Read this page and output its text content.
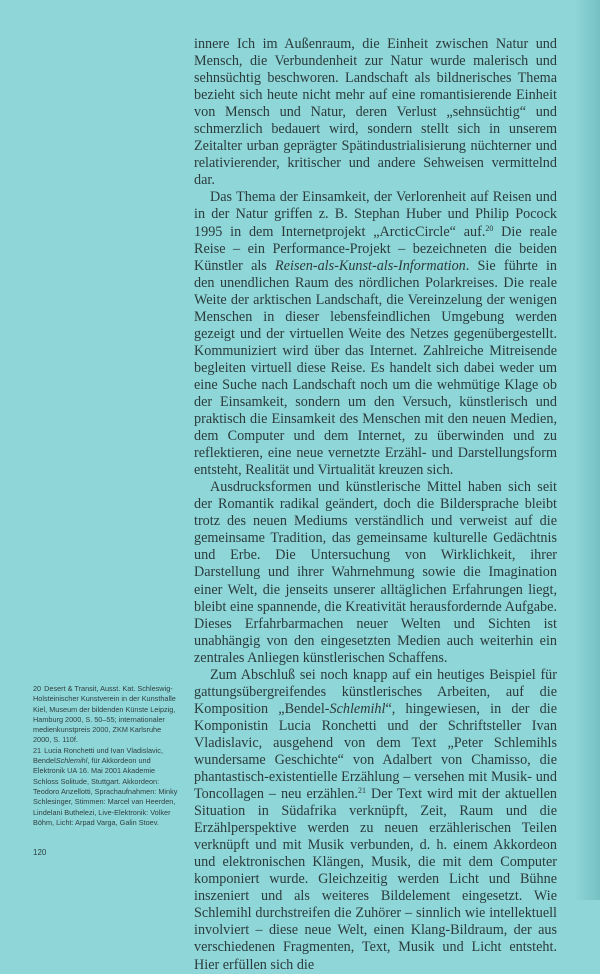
innere Ich im Außenraum, die Einheit zwischen Natur und Mensch, die Verbundenheit zur Natur wurde malerisch und sehnsüchtig beschworen. Landschaft als bildnerisches Thema bezieht sich heute nicht mehr auf eine romantisierende Einheit von Mensch und Natur, deren Verlust „sehnsüchtig“ und schmerzlich bedauert wird, sondern stellt sich in unserem Zeitalter urban geprägter Spätindustrialisierung nüchterner und relativierender, kritischer und andere Sehweisen vermittelnd dar.

Das Thema der Einsamkeit, der Verlorenheit auf Reisen und in der Natur griffen z. B. Stephan Huber und Philip Pocock 1995 in dem Internetprojekt „ArcticCircle“ auf.$^{20}$ Die reale Reise – ein Performance-Projekt – bezeichneten die beiden Künstler als Reisen-als-Kunst-als-Information. Sie führte in den unendlichen Raum des nördlichen Polarkreises. Die reale Weite der arktischen Landschaft, die Vereinzelung der wenigen Menschen in dieser lebensfeindlichen Umgebung werden gezeigt und der virtuellen Weite des Netzes gegenübergestellt. Kommuniziert wird über das Internet. Zahlreiche Mitreisende begleiten virtuell diese Reise. Es handelt sich dabei weder um eine Suche nach Landschaft noch um die wehmütige Klage ob der Einsamkeit, sondern um den Versuch, künstlerisch und praktisch die Einsamkeit des Menschen mit den neuen Medien, dem Computer und dem Internet, zu überwinden und zu reflektieren, eine neue vernetzte Erzähl- und Darstellungsform entsteht, Realität und Virtualität kreuzen sich.

Ausdrucksformen und künstlerische Mittel haben sich seit der Romantik radikal geändert, doch die Bildersprache bleibt trotz des neuen Mediums verständlich und verweist auf die gemeinsame Tradition, das gemeinsame kulturelle Gedächtnis und Erbe. Die Untersuchung von Wirklichkeit, ihrer Darstellung und ihrer Wahrnehmung sowie die Imagination einer Welt, die jenseits unserer alltäglichen Erfahrungen liegt, bleibt eine spannende, die Kreativität herausfordernde Aufgabe. Dieses Erfahrbarmachen neuer Welten und Sichten ist unabhängig von den eingesetzten Medien auch weiterhin ein zentrales Anliegen künstlerischen Schaffens.

Zum Abschluß sei noch knapp auf ein heutiges Beispiel für gattungsübergreifendes künstlerisches Arbeiten, auf die Komposition „Bendel-Schlemihl“, hingewiesen, in der die Komponistin Lucia Ronchetti und der Schriftsteller Ivan Vladislavic, ausgehend von dem Text „Peter Schlemihls wundersame Geschichte“ von Adalbert von Chamisso, die phantastisch-existentielle Erzählung – versehen mit Musik- und Toncollagen – neu erzählen.$^{21}$ Der Text wird mit der aktuellen Situation in Südafrika verknüpft, Zeit, Raum und die Erzählperspektive werden zu neuen erzählerischen Teilen verknüpft und mit Musik verbunden, d. h. einem Akkordeon und elektronischen Klängen, Musik, die mit dem Computer komponiert wurde. Gleichzeitig werden Licht und Bühne inszeniert und als weiteres Bildelement eingesetzt. Wie Schlemihl durchstreifen die Zuhörer – sinnlich wie intellektuell involviert – diese neue Welt, einen Klang-Bildraum, der aus verschiedenen Fragmenten, Text, Musik und Licht entsteht. Hier erfüllen sich die

20 Desert & Transit, Ausst. Kat. Schleswig-Holsteinischer Kunstverein in der Kunsthalle Kiel, Museum der bildenden Künste Leipzig, Hamburg 2000, S. 50–55; internationaler medienkunstpreis 2000, ZKM Karlsruhe 2000, S. 110f.

21 Lucia Ronchetti und Ivan Vladislavic, BendelSchlemihl, für Akkordeon und Elektronik UA 16. Mai 2001 Akademie Schloss Solitude, Stuttgart. Akkordeon: Teodoro Anzellotti, Sprachaufnahmen: Minky Schlesinger, Stimmen: Marcel van Heerden, Lindelani Buthelezi, Live-Elektronik: Volker Böhm, Licht: Arpad Varga, Galin Stoev.

120
